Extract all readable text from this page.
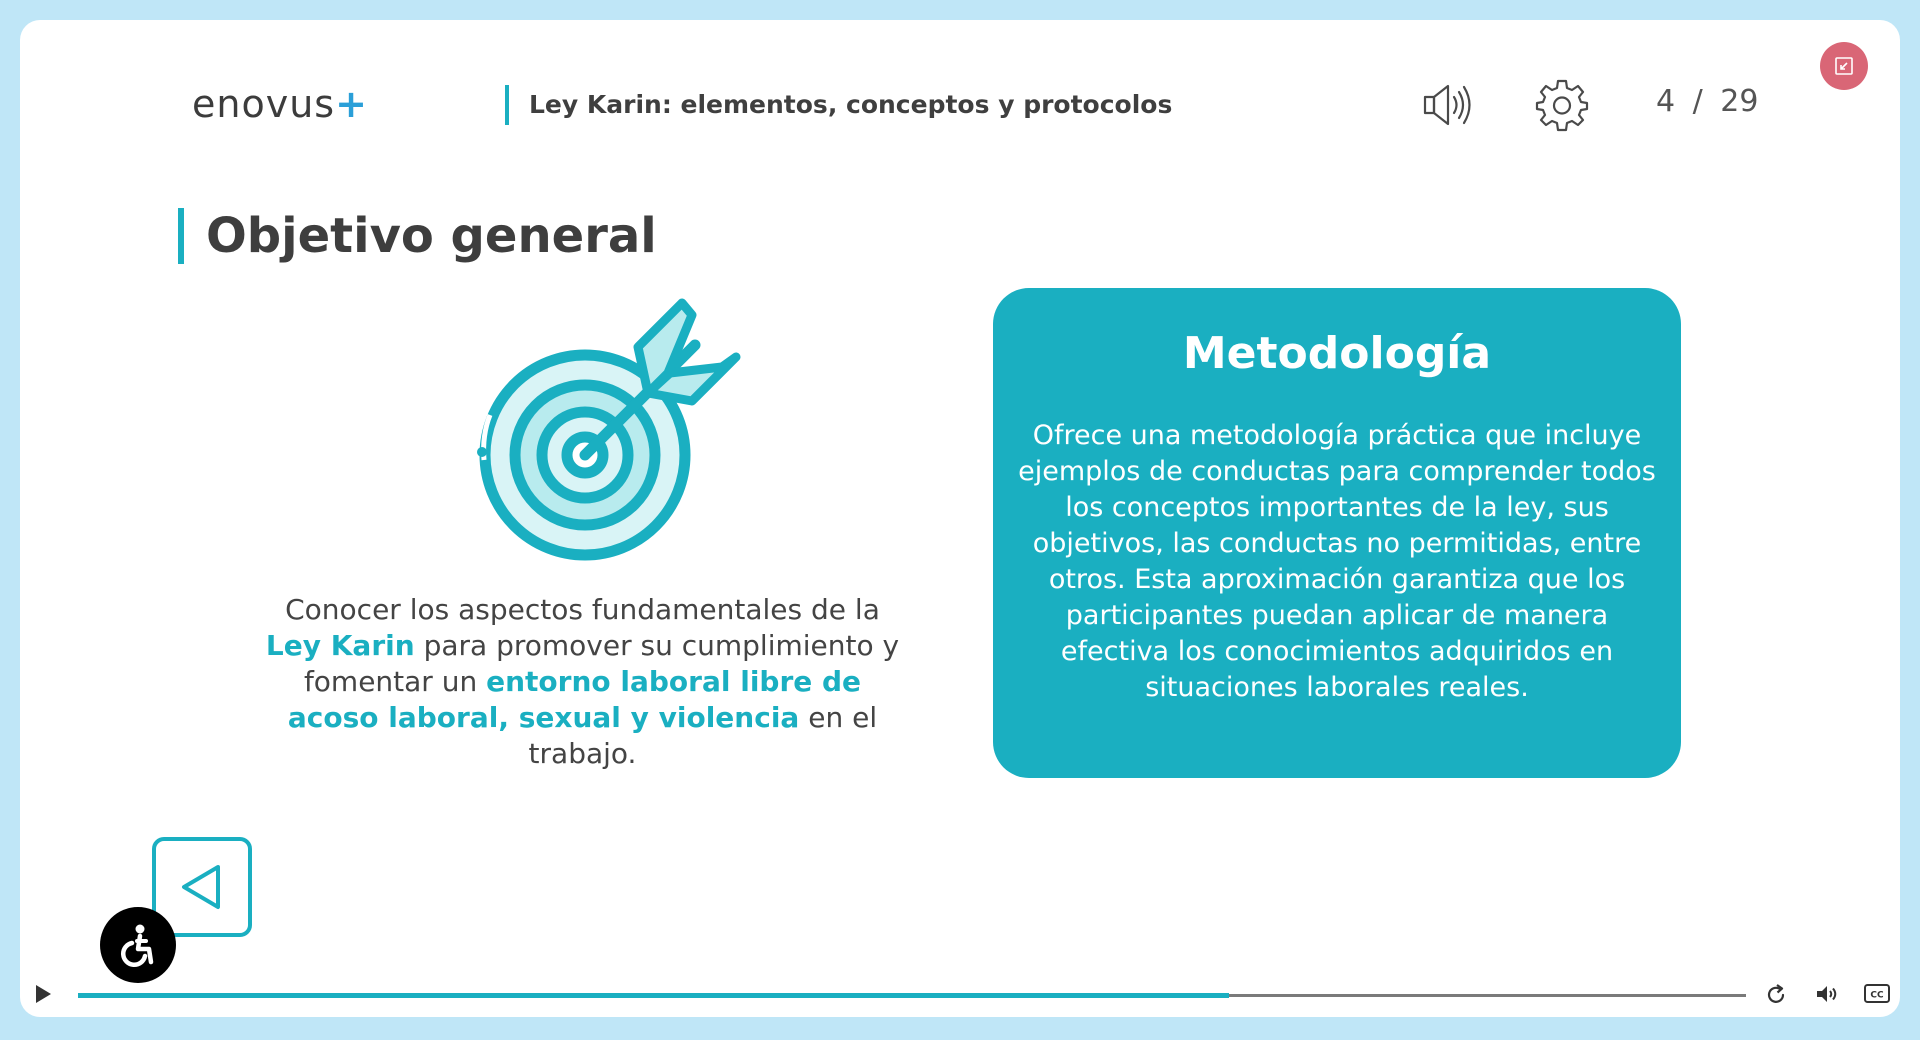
enovus+	Ley Karin: elementos, conceptos y protocolos	4 / 29
Objetivo general
Conocer los aspectos fundamentales de la Ley Karin para promover su cumplimiento y fomentar un entorno laboral libre de acoso laboral, sexual y violencia en el trabajo.
Metodología
Ofrece una metodología práctica que incluye ejemplos de conductas para comprender todos los conceptos importantes de la ley, sus objetivos, las conductas no permitidas, entre otros. Esta aproximación garantiza que los participantes puedan aplicar de manera efectiva los conocimientos adquiridos en situaciones laborales reales.
CC
